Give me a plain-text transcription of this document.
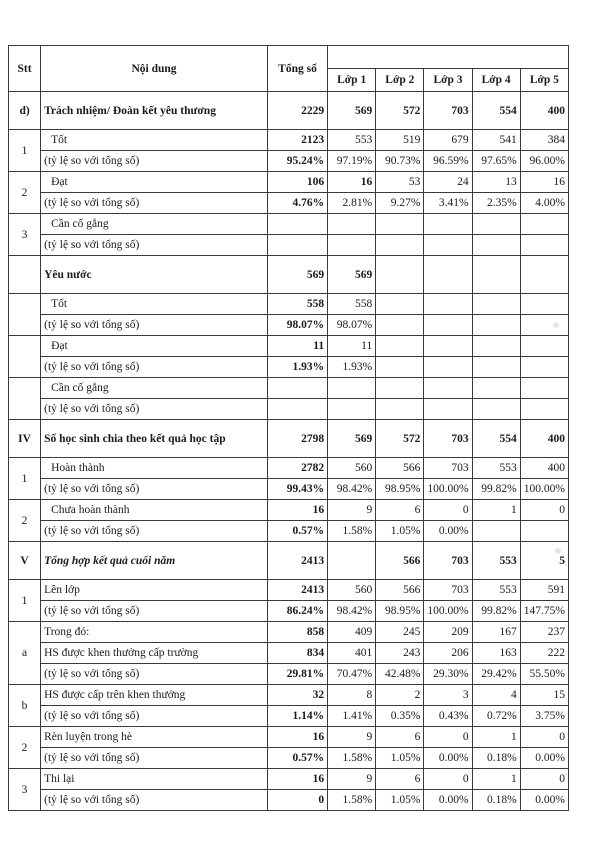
Stt	Nội dung	Tổng số					
			Lớp 1	Lớp 2	Lớp 3	Lớp 4	Lớp 5
d)	Trách nhiệm/ Đoàn kết yêu thương	2229	569	572	703	554	400
1	Tốt	2123	553	519	679	541	384
	(tỷ lệ so với tổng số)	95.24%	97.19%	90.73%	96.59%	97.65%	96.00%
2	Đạt	106	16	53	24	13	16
	(tỷ lệ so với tổng số)	4.76%	2.81%	9.27%	3.41%	2.35%	4.00%
3	Cần cố gắng						
	(tỷ lệ so với tổng số)						
	Yêu nước	569	569				
	Tốt	558	558				
	(tỷ lệ so với tổng số)	98.07%	98.07%				
	Đạt	11	11				
	(tỷ lệ so với tổng số)	1.93%	1.93%				
	Cần cố gắng						
	(tỷ lệ so với tổng số)						
IV	Số học sinh chia theo kết quả học tập	2798	569	572	703	554	400
1	Hoàn thành	2782	560	566	703	553	400
	(tỷ lệ so với tổng số)	99.43%	98.42%	98.95%	100.00%	99.82%	100.00%
2	Chưa hoàn thành	16	9	6	0	1	0
	(tỷ lệ so với tổng số)	0.57%	1.58%	1.05%	0.00%		
V	Tổng hợp kết quả cuối năm	2413		566	703	553	5
1	Lên lớp	2413	560	566	703	553	591
	(tỷ lệ so với tổng số)	86.24%	98.42%	98.95%	100.00%	99.82%	147.75%
a	Trong đó:	858	409	245	209	167	237
	HS được khen thưởng cấp trường	834	401	243	206	163	222
	(tỷ lệ so với tổng số)	29.81%	70.47%	42.48%	29.30%	29.42%	55.50%
b	HS được cấp trên khen thưởng	32	8	2	3	4	15
	(tỷ lệ so với tổng số)	1.14%	1.41%	0.35%	0.43%	0.72%	3.75%
2	Rèn luyện trong hè	16	9	6	0	1	0
	(tỷ lệ so với tổng số)	0.57%	1.58%	1.05%	0.00%	0.18%	0.00%
3	Thi lại	16	9	6	0	1	0
	(tỷ lệ so với tổng số)	0	1.58%	1.05%	0.00%	0.18%	0.00%
